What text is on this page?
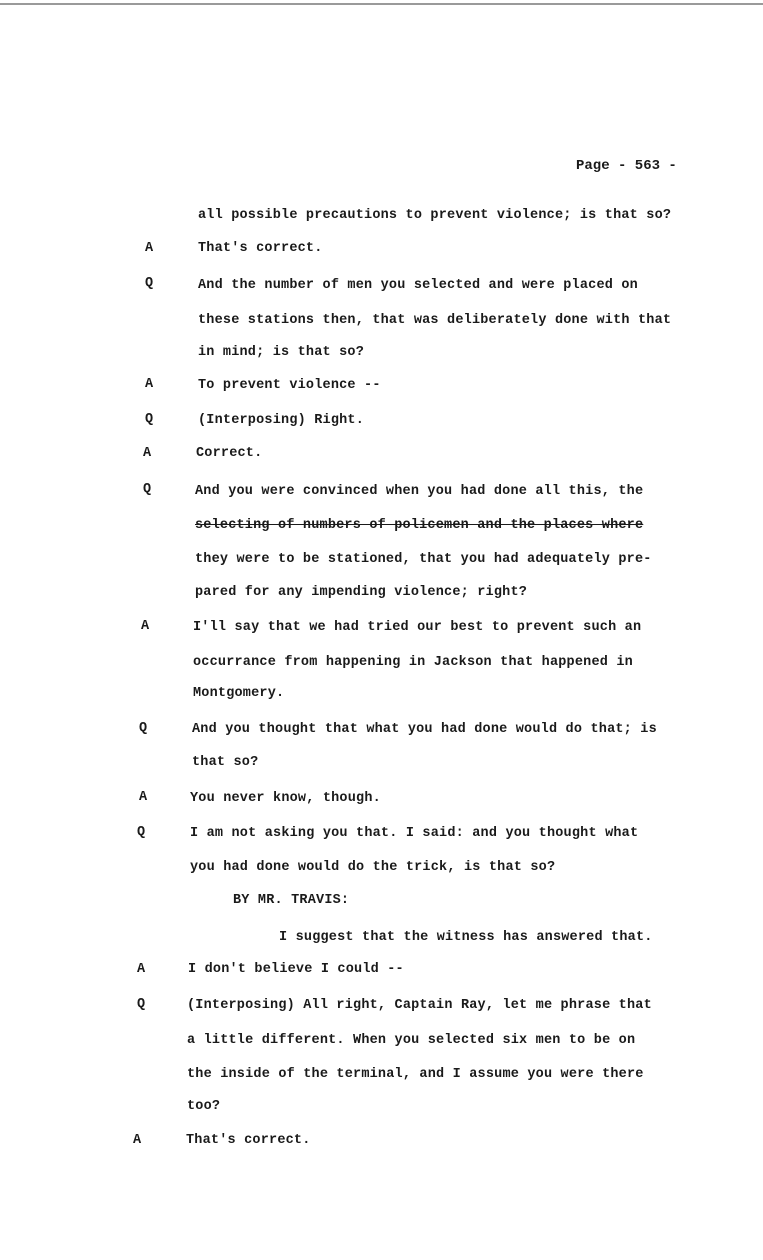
Page - 563 -
all possible precautions to prevent violence; is that so?
A	That's correct.
Q	And the number of men you selected and were placed on
these stations then, that was deliberately done with that
in mind; is that so?
A	To prevent violence --
Q	(Interposing) Right.
A	Correct.
Q	And you were convinced when you had done all this, the
selecting of numbers of policemen and the places where
they were to be stationed, that you had adequately pre-
pared for any impending violence; right?
A	I'll say that we had tried our best to prevent such an
occurrance from happening in Jackson that happened in
Montgomery.
Q	And you thought that what you had done would do that; is
that so?
A	You never know, though.
Q	I am not asking you that. I said: and you thought what
you had done would do the trick, is that so?
BY MR. TRAVIS:
I suggest that the witness has answered that.
A	I don't believe I could --
Q	(Interposing) All right, Captain Ray, let me phrase that
a little different. When you selected six men to be on
the inside of the terminal, and I assume you were there
too?
A	That's correct.
